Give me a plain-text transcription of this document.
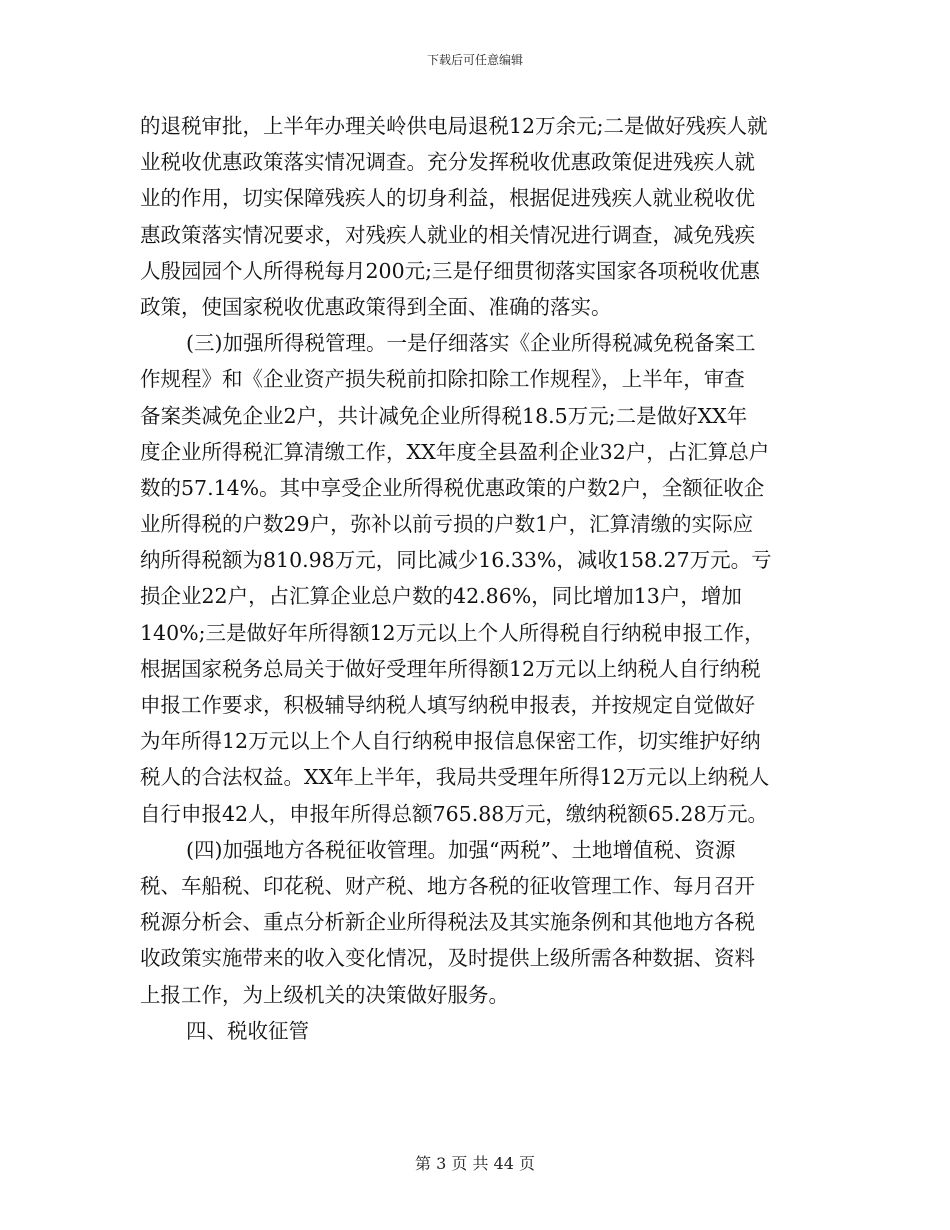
下载后可任意编辑
的退税审批，上半年办理关岭供电局退税12万余元;二是做好残疾人就
业税收优惠政策落实情况调查。充分发挥税收优惠政策促进残疾人就
业的作用，切实保障残疾人的切身利益，根据促进残疾人就业税收优
惠政策落实情况要求，对残疾人就业的相关情况进行调查，减免残疾
人殷园园个人所得税每月200元;三是仔细贯彻落实国家各项税收优惠
政策，使国家税收优惠政策得到全面、准确的落实。
(三)加强所得税管理。一是仔细落实《企业所得税减免税备案工
作规程》和《企业资产损失税前扣除扣除工作规程》，上半年，审查
备案类减免企业2户，共计减免企业所得税18.5万元;二是做好XX年
度企业所得税汇算清缴工作，XX年度全县盈利企业32户，占汇算总户
数的57.14%。其中享受企业所得税优惠政策的户数2户，全额征收企
业所得税的户数29户，弥补以前亏损的户数1户，汇算清缴的实际应
纳所得税额为810.98万元，同比减少16.33%，减收158.27万元。亏
损企业22户，占汇算企业总户数的42.86%，同比增加13户，增加
140%;三是做好年所得额12万元以上个人所得税自行纳税申报工作，
根据国家税务总局关于做好受理年所得额12万元以上纳税人自行纳税
申报工作要求，积极辅导纳税人填写纳税申报表，并按规定自觉做好
为年所得12万元以上个人自行纳税申报信息保密工作，切实维护好纳
税人的合法权益。XX年上半年，我局共受理年所得12万元以上纳税人
自行申报42人，申报年所得总额765.88万元，缴纳税额65.28万元。
(四)加强地方各税征收管理。加强“两税”、土地增值税、资源
税、车船税、印花税、财产税、地方各税的征收管理工作、每月召开
税源分析会、重点分析新企业所得税法及其实施条例和其他地方各税
收政策实施带来的收入变化情况，及时提供上级所需各种数据、资料
上报工作，为上级机关的决策做好服务。
四、税收征管
第 3 页 共 44 页
